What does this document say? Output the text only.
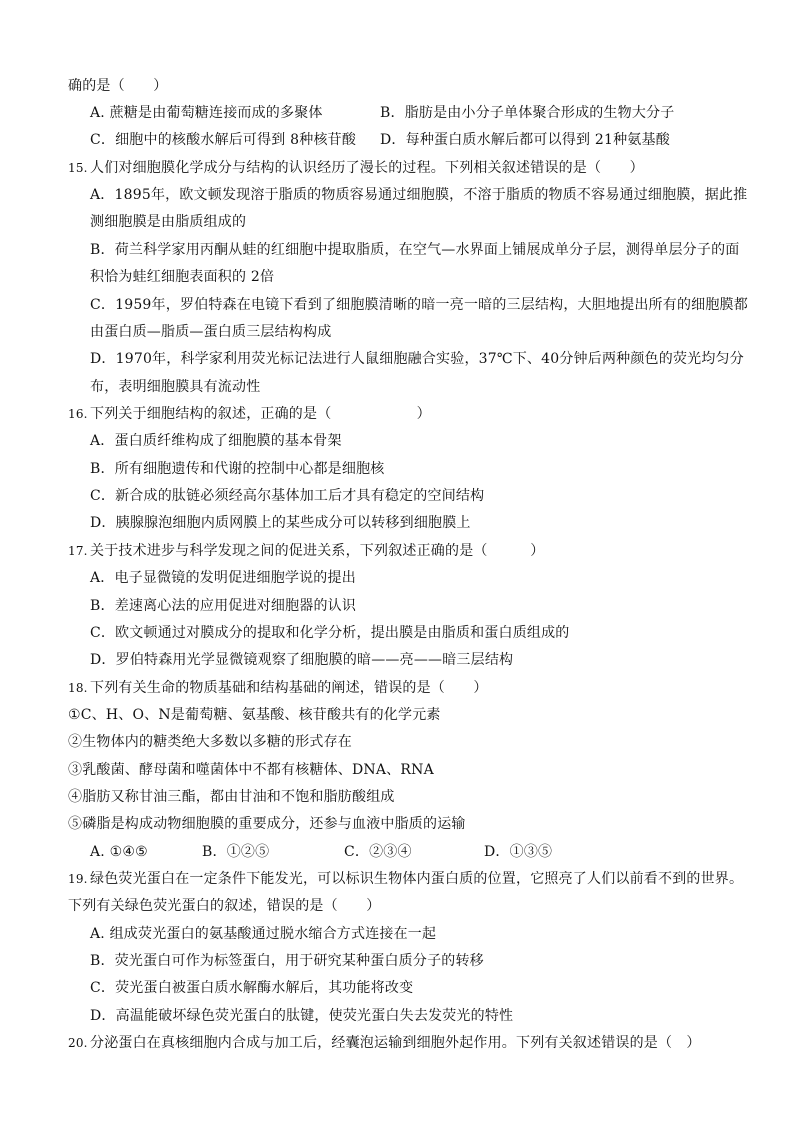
确的是（　　）
A. 蔗糖是由葡萄糖连接而成的多聚体	B．脂肪是由小分子单体聚合形成的生物大分子
C．细胞中的核酸水解后可得到 8种核苷酸 D．每种蛋白质水解后都可以得到 21种氨基酸
15. 人们对细胞膜化学成分与结构的认识经历了漫长的过程。下列相关叙述错误的是（　　）
A．1895年，欧文顿发现溶于脂质的物质容易通过细胞膜，不溶于脂质的物质不容易通过细胞膜，据此推
测细胞膜是由脂质组成的
B．荷兰科学家用丙酮从蛙的红细胞中提取脂质，在空气—水界面上铺展成单分子层，测得单层分子的面
积恰为蛙红细胞表面积的 2倍
C．1959年，罗伯特森在电镜下看到了细胞膜清晰的暗一亮一暗的三层结构，大胆地提出所有的细胞膜都
由蛋白质—脂质—蛋白质三层结构构成
D．1970年，科学家利用荧光标记法进行人鼠细胞融合实验，37℃下、40分钟后两种颜色的荧光均匀分
布，表明细胞膜具有流动性
16. 下列关于细胞结构的叙述，正确的是（　　　　　　）
A．蛋白质纤维构成了细胞膜的基本骨架
B．所有细胞遗传和代谢的控制中心都是细胞核
C．新合成的肽链必须经高尔基体加工后才具有稳定的空间结构
D．胰腺腺泡细胞内质网膜上的某些成分可以转移到细胞膜上
17. 关于技术进步与科学发现之间的促进关系，下列叙述正确的是（　　　）
A．电子显微镜的发明促进细胞学说的提出
B．差速离心法的应用促进对细胞器的认识
C．欧文顿通过对膜成分的提取和化学分析，提出膜是由脂质和蛋白质组成的
D．罗伯特森用光学显微镜观察了细胞膜的暗——亮——暗三层结构
18. 下列有关生命的物质基础和结构基础的阐述，错误的是（　　）
①C、H、O、N是葡萄糖、氨基酸、核苷酸共有的化学元素
②生物体内的糖类绝大多数以多糖的形式存在
③乳酸菌、酵母菌和噬菌体中不都有核糖体、DNA、RNA
④脂肪又称甘油三酯，都由甘油和不饱和脂肪酸组成
⑤磷脂是构成动物细胞膜的重要成分，还参与血液中脂质的运输
A. ①④⑤	B．①②⑤	C．②③④	D．①③⑤
19. 绿色荧光蛋白在一定条件下能发光，可以标识生物体内蛋白质的位置，它照亮了人们以前看不到的世界。
下列有关绿色荧光蛋白的叙述，错误的是（　　）
A. 组成荧光蛋白的氨基酸通过脱水缩合方式连接在一起
B．荧光蛋白可作为标签蛋白，用于研究某种蛋白质分子的转移
C．荧光蛋白被蛋白质水解酶水解后，其功能将改变
D．高温能破坏绿色荧光蛋白的肽键，使荧光蛋白失去发荧光的特性
20. 分泌蛋白在真核细胞内合成与加工后，经囊泡运输到细胞外起作用。下列有关叙述错误的是（　）
